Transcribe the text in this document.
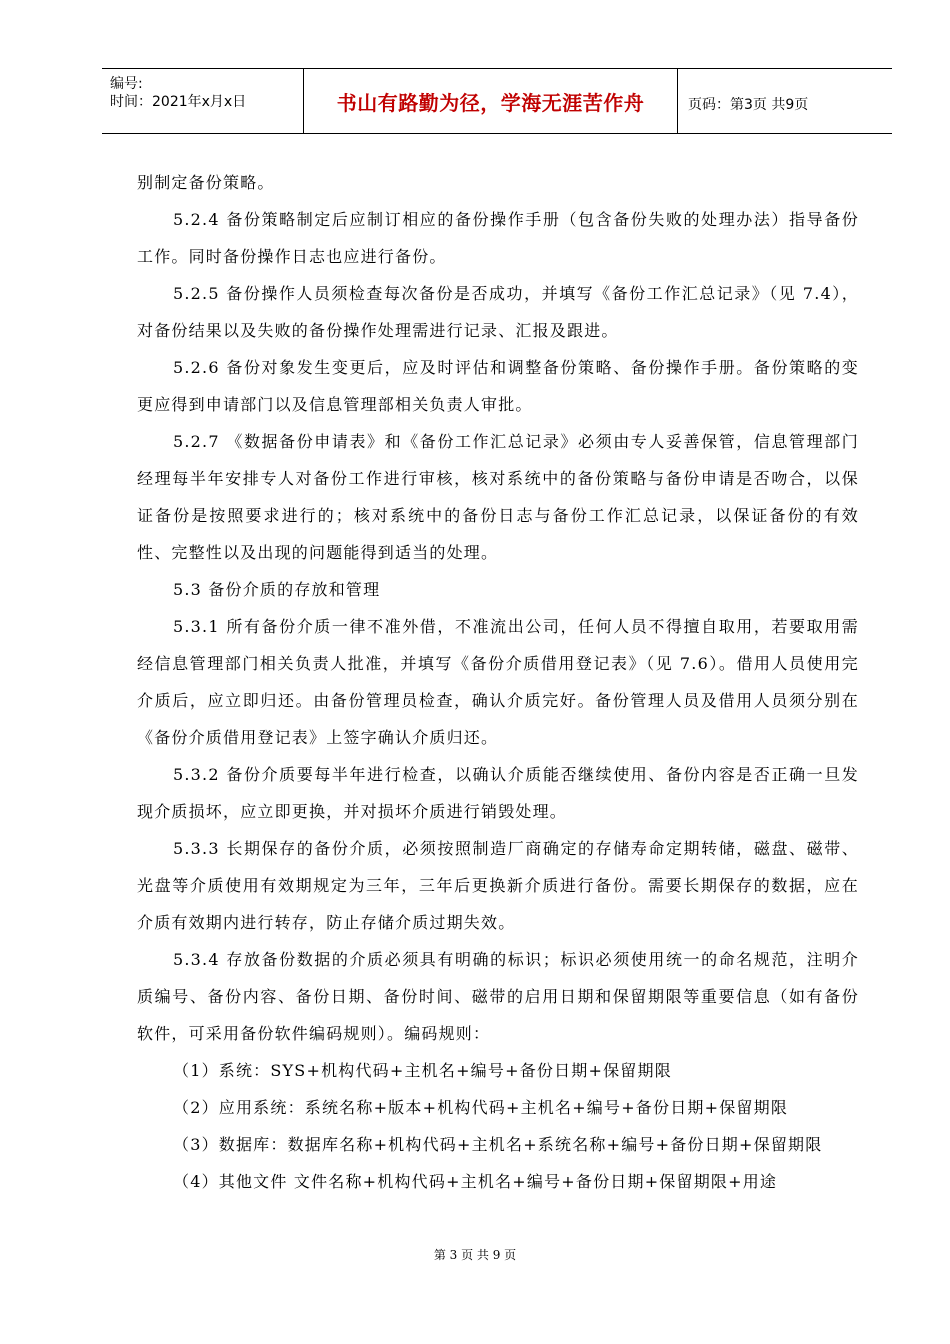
编号:
时间：2021年x月x日	书山有路勤为径，学海无涯苦作舟	页码：第3页 共9页

别制定备份策略。

5.2.4 备份策略制定后应制订相应的备份操作手册（包含备份失败的处理办法）指导备份工作。同时备份操作日志也应进行备份。

5.2.5 备份操作人员须检查每次备份是否成功，并填写《备份工作汇总记录》（见 7.4），对备份结果以及失败的备份操作处理需进行记录、汇报及跟进。

5.2.6 备份对象发生变更后，应及时评估和调整备份策略、备份操作手册。备份策略的变更应得到申请部门以及信息管理部相关负责人审批。

5.2.7 《数据备份申请表》和《备份工作汇总记录》必须由专人妥善保管，信息管理部门经理每半年安排专人对备份工作进行审核，核对系统中的备份策略与备份申请是否吻合，以保证备份是按照要求进行的；核对系统中的备份日志与备份工作汇总记录，以保证备份的有效性、完整性以及出现的问题能得到适当的处理。

5.3 备份介质的存放和管理

5.3.1 所有备份介质一律不准外借，不准流出公司，任何人员不得擅自取用，若要取用需经信息管理部门相关负责人批准，并填写《备份介质借用登记表》（见 7.6）。借用人员使用完介质后，应立即归还。由备份管理员检查，确认介质完好。备份管理人员及借用人员须分别在《备份介质借用登记表》上签字确认介质归还。

5.3.2 备份介质要每半年进行检查，以确认介质能否继续使用、备份内容是否正确一旦发现介质损坏，应立即更换，并对损坏介质进行销毁处理。

5.3.3 长期保存的备份介质，必须按照制造厂商确定的存储寿命定期转储，磁盘、磁带、光盘等介质使用有效期规定为三年，三年后更换新介质进行备份。需要长期保存的数据，应在介质有效期内进行转存，防止存储介质过期失效。

5.3.4 存放备份数据的介质必须具有明确的标识；标识必须使用统一的命名规范，注明介质编号、备份内容、备份日期、备份时间、磁带的启用日期和保留期限等重要信息（如有备份软件，可采用备份软件编码规则）。编码规则：

（1）系统：SYS+机构代码+主机名+编号+备份日期+保留期限

（2）应用系统：系统名称+版本+机构代码+主机名+编号+备份日期+保留期限

（3）数据库：数据库名称+机构代码+主机名+系统名称+编号+备份日期+保留期限

（4）其他文件 文件名称+机构代码+主机名+编号+备份日期+保留期限+用途

第 3 页 共 9 页
